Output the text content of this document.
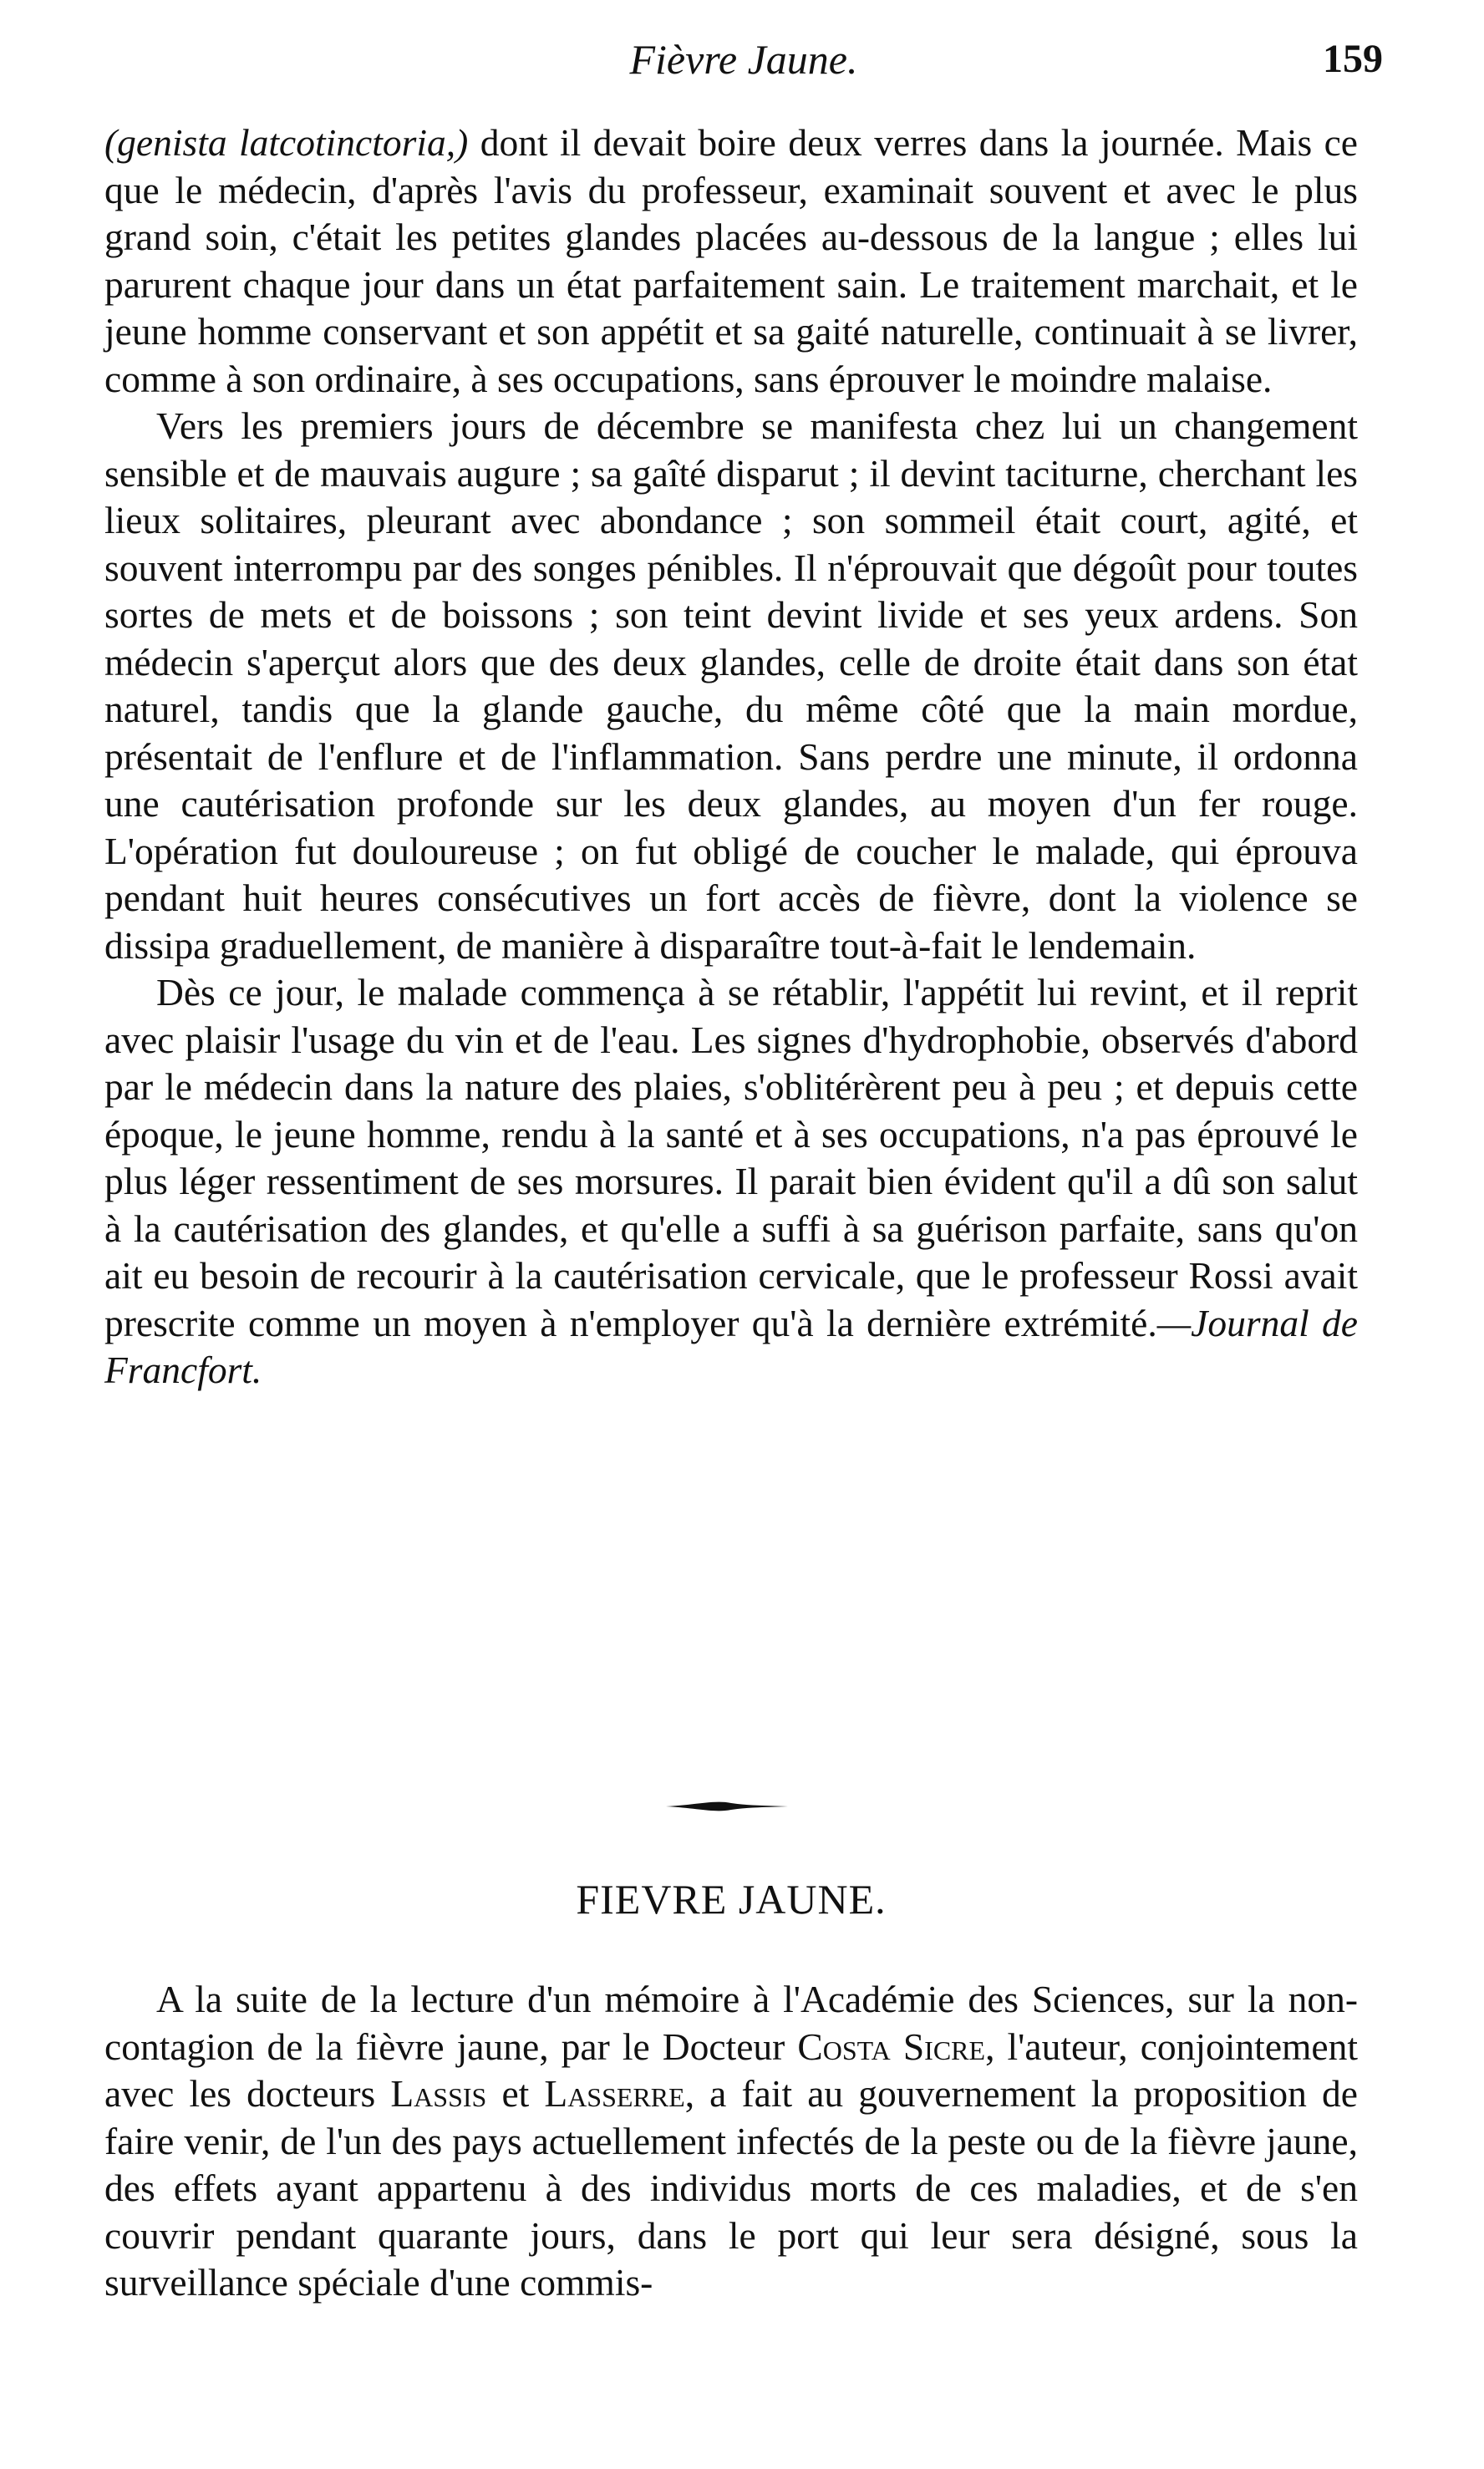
Fièvre Jaune.	159

(genista latcotinctoria,) dont il devait boire deux verres dans la journée. Mais ce que le médecin, d'après l'avis du professeur, examinait souvent et avec le plus grand soin, c'était les petites glandes placées au-dessous de la langue ; elles lui parurent chaque jour dans un état parfaitement sain. Le traitement marchait, et le jeune homme conservant et son appétit et sa gaité naturelle, continuait à se livrer, comme à son ordinaire, à ses occupations, sans éprouver le moindre malaise.

Vers les premiers jours de décembre se manifesta chez lui un changement sensible et de mauvais augure ; sa gaîté disparut ; il devint taciturne, cherchant les lieux solitaires, pleurant avec abondance ; son sommeil était court, agité, et souvent interrompu par des songes pénibles. Il n'éprouvait que dégoût pour toutes sortes de mets et de boissons ; son teint devint livide et ses yeux ardens. Son médecin s'aperçut alors que des deux glandes, celle de droite était dans son état naturel, tandis que la glande gauche, du même côté que la main mordue, présentait de l'enflure et de l'inflammation. Sans perdre une minute, il ordonna une cautérisation profonde sur les deux glandes, au moyen d'un fer rouge. L'opération fut douloureuse ; on fut obligé de coucher le malade, qui éprouva pendant huit heures consécutives un fort accès de fièvre, dont la violence se dissipa graduellement, de manière à disparaître tout-à-fait le lendemain.

Dès ce jour, le malade commença à se rétablir, l'appétit lui revint, et il reprit avec plaisir l'usage du vin et de l'eau. Les signes d'hydrophobie, observés d'abord par le médecin dans la nature des plaies, s'oblitérèrent peu à peu ; et depuis cette époque, le jeune homme, rendu à la santé et à ses occupations, n'a pas éprouvé le plus léger ressentiment de ses morsures. Il parait bien évident qu'il a dû son salut à la cautérisation des glandes, et qu'elle a suffi à sa guérison parfaite, sans qu'on ait eu besoin de recourir à la cautérisation cervicale, que le professeur Rossi avait prescrite comme un moyen à n'employer qu'à la dernière extrémité.—Journal de Francfort.

FIEVRE JAUNE.

A la suite de la lecture d'un mémoire à l'Académie des Sciences, sur la non-contagion de la fièvre jaune, par le Docteur Costa Sicre, l'auteur, conjointement avec les docteurs Lassis et Lasserre, a fait au gouvernement la proposition de faire venir, de l'un des pays actuellement infectés de la peste ou de la fièvre jaune, des effets ayant appartenu à des individus morts de ces maladies, et de s'en couvrir pendant quarante jours, dans le port qui leur sera désigné, sous la surveillance spéciale d'une commis-
